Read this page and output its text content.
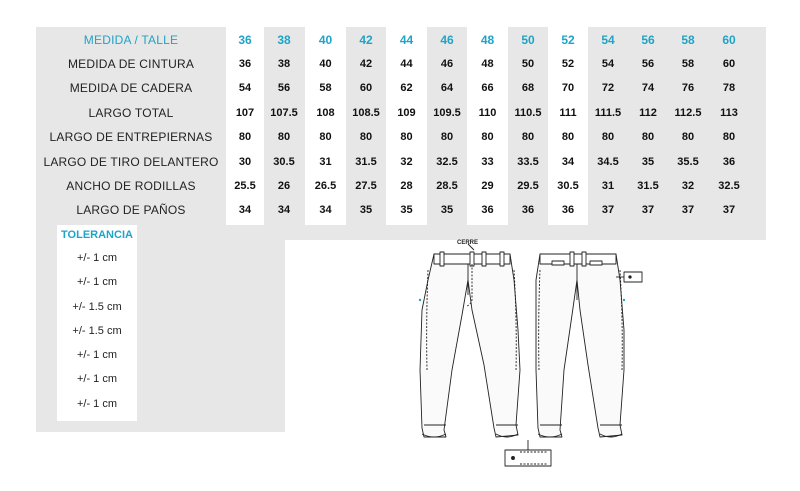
MEDIDA / TALLE	36	38	40	42	44	46	48	50	52	54	56	58	60
MEDIDA DE CINTURA	36	38	40	42	44	46	48	50	52	54	56	58	60
MEDIDA DE CADERA	54	56	58	60	62	64	66	68	70	72	74	76	78
LARGO TOTAL	107	107.5	108	108.5	109	109.5	110	110.5	111	111.5	112	112.5	113
LARGO DE ENTREPIERNAS	80	80	80	80	80	80	80	80	80	80	80	80	80
LARGO DE TIRO DELANTERO	30	30.5	31	31.5	32	32.5	33	33.5	34	34.5	35	35.5	36
ANCHO DE RODILLAS	25.5	26	26.5	27.5	28	28.5	29	29.5	30.5	31	31.5	32	32.5
LARGO DE PAÑOS	34	34	34	35	35	35	36	36	36	37	37	37	37
TOLERANCIA
+/- 1 cm
+/- 1 cm
+/- 1.5 cm
+/- 1.5 cm
+/- 1 cm
+/- 1 cm
+/- 1 cm
CERRE
